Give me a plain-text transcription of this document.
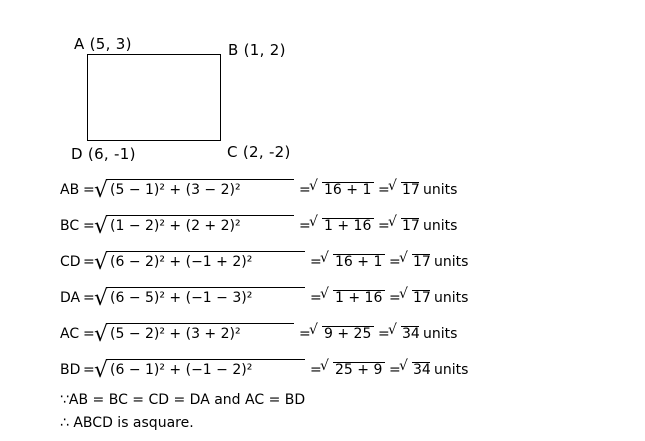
A (5, 3)	B (1, 2)
C (2, -2)
D (6, -1)
AB = √ (5 − 1)² + (3 − 2)²	=
√ 16 + 1 =
√ 17 units
BC = √ (1 − 2)² + (2 + 2)²	=
√ 1 + 16 =
√ 17 units
CD = √ (6 − 2)² + (−1 + 2)²	=
√ 16 + 1 =
√ 17 units
DA = √ (6 − 5)² + (−1 − 3)²	=
√ 1 + 16 =
√ 17 units
AC = √ (5 − 2)² + (3 + 2)²	=
√ 9 + 25 =
√ 34 units
BD = √ (6 − 1)² + (−1 − 2)²	=
√ 25 + 9 =
√ 34 units
∵AB = BC = CD = DA and AC = BD
∴ ABCD is asquare.
